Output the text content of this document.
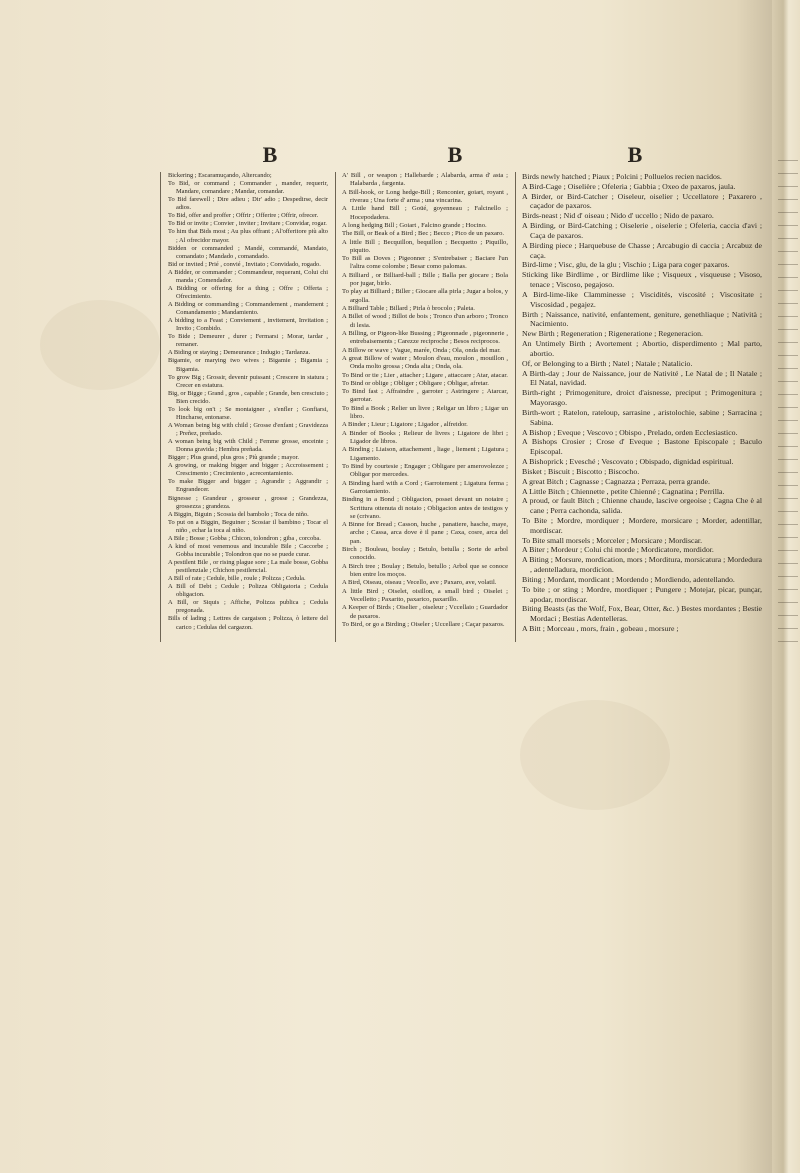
B	B	B

Bickering ; Escaramuçando, Altercando;

To Bid, or command ; Commander , mander, requerir, Mandare, comandare ; Mandar, comandar.

To Bid farewell ; Dire adieu ; Dir' adio ; Despedirse, decir adios.

To Bid, offer and proffer ; Offrir ; Offerire ; Offrir, ofrecer.

To Bid or invite ; Convier , inviter ; Invitare ; Convidar, rogar.

To him that Bids most ; Au plus offrant ; Al'offeritore più alto ; Al ofrecidor mayor.

Bidden or commanded ; Mandé, commandé, Mandato, comandato ; Mandado , comandado.

Bid or invited ; Prié , convié , Invitato ; Convidado, rogado.

A Bidder, or commander ; Commandeur, requerant, Colui chi manda ; Comendador.

A Bidding or offering for a thing ; Offre ; Offerta ; Ofrecimiento.

A Bidding or commanding ; Commandement , mandement ; Comandamento ; Mandamiento.

A bidding to a Feast ; Conviement , invitement, Invitation ; Invito ; Combido.

To Bide ; Demeurer , durer ; Fermarsi ; Morar, tardar , remaner.

A Biding or staying ; Demeurance ; Indugio ; Tardanza.

Bigamie, or marying two wives ; Bigamie ; Bigamia ; Bigamia.

To grow Big ; Grossir, devenir puissant ; Crescere in statura ; Crecer en estatura.

Big, or Bigge ; Grand , gros , capable ; Grande, ben cresciuto ; Bien crecido.

To look big on't ; Se montaigner , s'enfler ; Gonfiarsi, Hincharse, entonarse.

A Woman being big with child ; Grosse d'enfant ; Gravidezza ; Preñez, preñado.

A woman being big with Child ; Femme grosse, enceinte ; Donna gravida ; Hembra preñada.

Bigger ; Plus grand, plus gros ; Più grande ; mayor.

A growing, or making bigger and bigger ; Accroissement ; Crescimento ; Crecimiento , acrecentamiento.

To make Bigger and bigger ; Agrandir ; Aggrandir ; Engrandecer.

Bignesse ; Grandeur , grosseur , grosse ; Grandezza, grossezza ; grandeza.

A Biggin, Biguin ; Scossia del bambolo ; Toca de niño.

To put on a Biggin, Beguiner ; Scosiar il bambino ; Tocar el niño , echar la toca al niño.

A Bile ; Bosse ; Gobba ; Chicon, tolondron ; giba , corcoba.

A kind of most venemous and incurable Bile ; Caccorbe ; Gobba incurabile ; Tolondron que no se puede curar.

A pestilent Bile , or rising plague sore ; La male bosse, Gobba pestilenziale ; Chichon pestilencial.

A Bill of rate ; Cedule, bille , roule ; Polizza ; Cedula.

A Bill of Debt ; Cedule ; Polizza Obligatoria ; Cedula obligacion.

A Bill, or Siquis ; Affiche, Polizza publica ; Cedula pregonada.

Bills of lading ; Lettres de cargaison ; Polizza, ò lettere del carico ; Cedulas del cargazon.

A' Bill , or weapon ; Hallebarde ; Alabarda, arma d' asta ; Halabarda , fargenta.

A Bill-hook, or Long hedge-Bill ; Renconier, goiart, royant , riverau ; Una forte d' arma ; una vincarina.

A Little hand Bill ; Goüé, goyenneau ; Falcinello ; Hocepodadera.

A long hedging Bill ; Goiart , Falcino grande ; Hocino.

The Bill, or Beak of a Bird ; Bec ; Becco ; Pico de un paxaro.

A little Bill ; Becquillon, bequillon ; Becquetto ; Piquillo, piquito.

To Bill as Doves ; Pigeonner ; S'entrebaiser ; Baciare l'un l'altra come colombe ; Besar como palomas.

A Billiard , or Billiard-ball ; Bille ; Balla per giocare ; Bola por jugar, birlo.

To play at Billiard ; Biller ; Giocare alla pirla ; Jugar a bolos, y argolla.

A Billiard Table ; Billard ; Pirla ò brocolo ; Paleta.

A Billet of wood ; Billot de bois ; Tronco d'un arboro ; Tronco di lesia.

A Billing, or Pigeon-like Bussing ; Pigeonnade , pigeonnerie , entrebaisements ; Carezze reciproche ; Besos reciprocos.

A Billow or wave ; Vague, marée, Onda ; Ola, onda del mar.

A great Billow of water ; Moulon d'eau, moulon , mouillon , Onda molto grossa ; Onda alta ; Onda, ola.

To Bind or tie ; Lier , attacher ; Ligare , attaccare ; Atar, atacar.

To Bind or oblige ; Obliger ; Obligare ; Obligar, afretar.

To Bind fast ; Affraindre , garroter ; Astringere ; Atarcar, garrotar.

To Bind a Book ; Relier un livre ; Religar un libro ; Ligar un libro.

A Binder ; Lieur ; Ligatore ; Ligador , alfreidor.

A Binder of Books ; Relieur de livres ; Ligatore de libri ; Ligador de libros.

A Binding ; Liaison, attachement , liage , liement ; Ligatura ; Ligamento.

To Bind by courtesie ; Engager ; Obligare per amerovolezze ; Obligar por mercedes.

A Binding hard with a Cord ; Garrotement ; Ligatura ferma ; Garrotamiento.

Binding in a Bond ; Obligacion, posset devant un notaire ; Scrittura ottenuta di notaio ; Obligacion antes de testigos y se (crivano.

A Binne for Bread ; Casson, huche , panatiere, hasche, maye, arche ; Cassa, arca dove è il pane ; Caxa, cosre, arca del pan.

Birch ; Bouleau, boulay ; Betulo, betulla ; Sorte de arbol conocido.

A Birch tree ; Boulay ; Betulo, betullo ; Arbol que se conoce bien entre los moços.

A Bird, Oiseau, oiseau ; Vecello, ave ; Paxaro, ave, volatil.

A little Bird ; Oiselet, oisillon, a small bird ; Oiselet ; Vecelletto ; Paxarito, paxarico, paxarillo.

A Keeper of Birds ; Oiselier , oiseleur ; Vccellaio ; Guardador de paxaros.

To Bird, or go a Birding ; Oiseler ; Uccellare ; Caçar paxaros.

Birds newly hatched ; Piaux ; Polcini ; Polluelos recien nacidos.

A Bird-Cage ; Oiselière ; Ofeleria ; Gabbia ; Oxeo de paxaros, jaula.

A Birder, or Bird-Catcher ; Oiseleur, oiselier ; Uccellatore ; Paxarero , caçador de paxaros.

Birds-neast ; Nid d' oiseau ; Nido d' uccello ; Nido de paxaro.

A Birding, or Bird-Catching ; Oiselerie , oiselerie ; Ofeleria, caccia d'avi ; Caça de paxaros.

A Birding piece ; Harquebuse de Chasse ; Arcabugio di caccia ; Arcabuz de caça.

Bird-lime ; Visc, glu, de la glu ; Vischio ; Liga para coger paxaros.

Sticking like Birdlime , or Birdlime like ; Visqueux , visqueuse ; Visoso, tenace ; Viscoso, pegajoso.

A Bird-lime-like Clamminesse ; Viscidités, viscosité ; Viscositate ; Viscosidad , pegajez.

Birth ; Naissance, nativité, enfantement, geniture, genethliaque ; Natività ; Nacimiento.

New Birth ; Regeneration ; Rigeneratione ; Regeneracion.

An Untimely Birth ; Avortement ; Abortio, disperdimento ; Mal parto, abortio.

Of, or Belonging to a Birth ; Natel ; Natale ; Natalicio.

A Birth-day ; Jour de Naissance, jour de Nativité , Le Natal de ; Il Natale ; El Natal, navidad.

Birth-right ; Primogeniture, droict d'aisnesse, preciput ; Primogenitura ; Mayorasgo.

Birth-wort ; Ratelon, rateloup, sarrasine , aristolochie, sabine ; Sarracina ; Sabina.

A Bishop ; Eveque ; Vescovo ; Obispo , Prelado, orden Ecclesiastico.

A Bishops Crosier ; Crose d' Eveque ; Bastone Episcopale ; Baculo Episcopal.

A Bishoprick ; Evesché ; Vescovato ; Obispado, dignidad espiritual.

Bisket ; Biscuit ; Biscotto ; Biscocho.

A great Bitch ; Cagnasse ; Cagnazza ; Perraza, perra grande.

A Little Bitch ; Chiennette , petite Chienné ; Cagnatina ; Perrilla.

A proud, or fault Bitch ; Chienne chaude, lascive orgeoise ; Cagna Che è al cane ; Perra cachonda, salida.

To Bite ; Mordre, mordiquer ; Mordere, morsicare ; Morder, adentillar, mordiscar.

To Bite small morsels ; Morceler ; Morsicare ; Mordiscar.

A Biter ; Mordeur ; Colui chi morde ; Mordicatore, mordidor.

A Biting ; Morsure, mordication, mors ; Morditura, morsicatura ; Mordedura , adentelladura, mordicion.

Biting ; Mordant, mordicant ; Mordendo ; Mordiendo, adentellando.

To bite ; or sting ; Mordre, mordiquer ; Pungere ; Motejar, picar, punçar, apodar, mordiscar.

Biting Beasts (as the Wolf, Fox, Bear, Otter, &c. ) Bestes mordantes ; Bestie Mordaci ; Bestias Adentelleras.

A Bitt ; Morceau , mors, frain , gobeau , morsure ;
